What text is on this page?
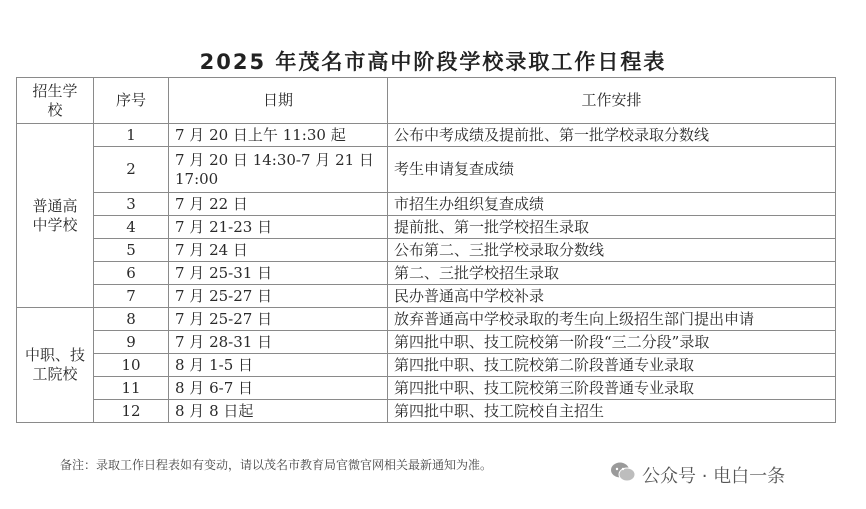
2025 年茂名市高中阶段学校录取工作日程表
招生学校	序号	日期	工作安排
普通高中学校	1	7 月 20 日上午 11:30 起	公布中考成绩及提前批、第一批学校录取分数线
	2	7 月 20 日 14:30-7 月 21 日 17:00	考生申请复查成绩
	3	7 月 22 日	市招生办组织复查成绩
	4	7 月 21-23 日	提前批、第一批学校招生录取
	5	7 月 24 日	公布第二、三批学校录取分数线
	6	7 月 25-31 日	第二、三批学校招生录取
	7	7 月 25-27 日	民办普通高中学校补录
中职、技工院校	8	7 月 25-27 日	放弃普通高中学校录取的考生向上级招生部门提出申请
	9	7 月 28-31 日	第四批中职、技工院校第一阶段“三二分段”录取
	10	8 月 1-5 日	第四批中职、技工院校第二阶段普通专业录取
	11	8 月 6-7 日	第四批中职、技工院校第三阶段普通专业录取
	12	8 月 8 日起	第四批中职、技工院校自主招生
备注：录取工作日程表如有变动，请以茂名市教育局官微官网相关最新通知为准。
公众号 · 电白一条
